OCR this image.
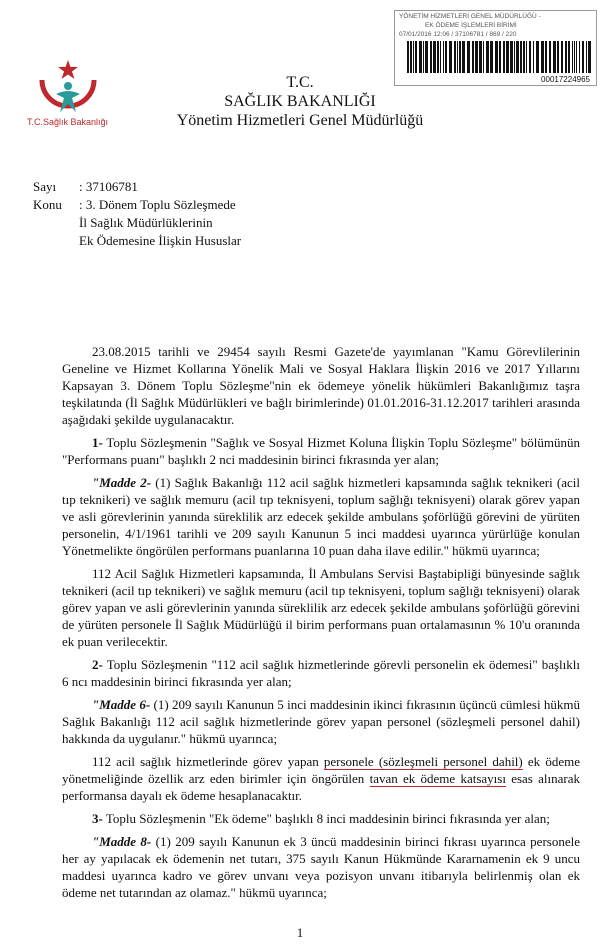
T.C.Sağlık Bakanlığı
YÖNETİM HİZMETLERİ GENEL MÜDÜRLÜĞÜ -
EK ÖDEME İŞLEMLERİ BİRİMİ
07/01/2016 12:06 / 37106781 / 869 / 220
00017224965
T.C.
SAĞLIK BAKANLIĞI
Yönetim Hizmetleri Genel Müdürlüğü
Sayı	: 37106781
Konu	: 3. Dönem Toplu Sözleşmede
İl Sağlık Müdürlüklerinin
Ek Ödemesine İlişkin Hususlar

23.08.2015 tarihli ve 29454 sayılı Resmi Gazete'de yayımlanan "Kamu Görevlilerinin Geneline ve Hizmet Kollarına Yönelik Mali ve Sosyal Haklara İlişkin 2016 ve 2017 Yıllarını Kapsayan 3. Dönem Toplu Sözleşme"nin ek ödemeye yönelik hükümleri Bakanlığımız taşra teşkilatında (İl Sağlık Müdürlükleri ve bağlı birimlerinde) 01.01.2016-31.12.2017 tarihleri arasında aşağıdaki şekilde uygulanacaktır.

1- Toplu Sözleşmenin "Sağlık ve Sosyal Hizmet Koluna İlişkin Toplu Sözleşme" bölümünün "Performans puanı" başlıklı 2 nci maddesinin birinci fıkrasında yer alan;

"Madde 2- (1) Sağlık Bakanlığı 112 acil sağlık hizmetleri kapsamında sağlık teknikeri (acil tıp teknikeri) ve sağlık memuru (acil tıp teknisyeni, toplum sağlığı teknisyeni) olarak görev yapan ve asli görevlerinin yanında süreklilik arz edecek şekilde ambulans şoförlüğü görevini de yürüten personelin, 4/1/1961 tarihli ve 209 sayılı Kanunun 5 inci maddesi uyarınca yürürlüğe konulan Yönetmelikte öngörülen performans puanlarına 10 puan daha ilave edilir." hükmü uyarınca;

112 Acil Sağlık Hizmetleri kapsamında, İl Ambulans Servisi Baştabipliği bünyesinde sağlık teknikeri (acil tıp teknikeri) ve sağlık memuru (acil tıp teknisyeni, toplum sağlığı teknisyeni) olarak görev yapan ve asli görevlerinin yanında süreklilik arz edecek şekilde ambulans şoförlüğü görevini de yürüten personele İl Sağlık Müdürlüğü il birim performans puan ortalamasının % 10'u oranında ek puan verilecektir.

2- Toplu Sözleşmenin "112 acil sağlık hizmetlerinde görevli personelin ek ödemesi" başlıklı 6 ncı maddesinin birinci fıkrasında yer alan;

"Madde 6- (1) 209 sayılı Kanunun 5 inci maddesinin ikinci fıkrasının üçüncü cümlesi hükmü Sağlık Bakanlığı 112 acil sağlık hizmetlerinde görev yapan personel (sözleşmeli personel dahil) hakkında da uygulanır." hükmü uyarınca;

112 acil sağlık hizmetlerinde görev yapan personele (sözleşmeli personel dahil) ek ödeme yönetmeliğinde özellik arz eden birimler için öngörülen tavan ek ödeme katsayısı esas alınarak performansa dayalı ek ödeme hesaplanacaktır.

3- Toplu Sözleşmenin "Ek ödeme" başlıklı 8 inci maddesinin birinci fıkrasında yer alan;

"Madde 8- (1) 209 sayılı Kanunun ek 3 üncü maddesinin birinci fıkrası uyarınca personele her ay yapılacak ek ödemenin net tutarı, 375 sayılı Kanun Hükmünde Kararnamenin ek 9 uncu maddesi uyarınca kadro ve görev unvanı veya pozisyon unvanı itibarıyla belirlenmiş olan ek ödeme net tutarından az olamaz." hükmü uyarınca;

1
